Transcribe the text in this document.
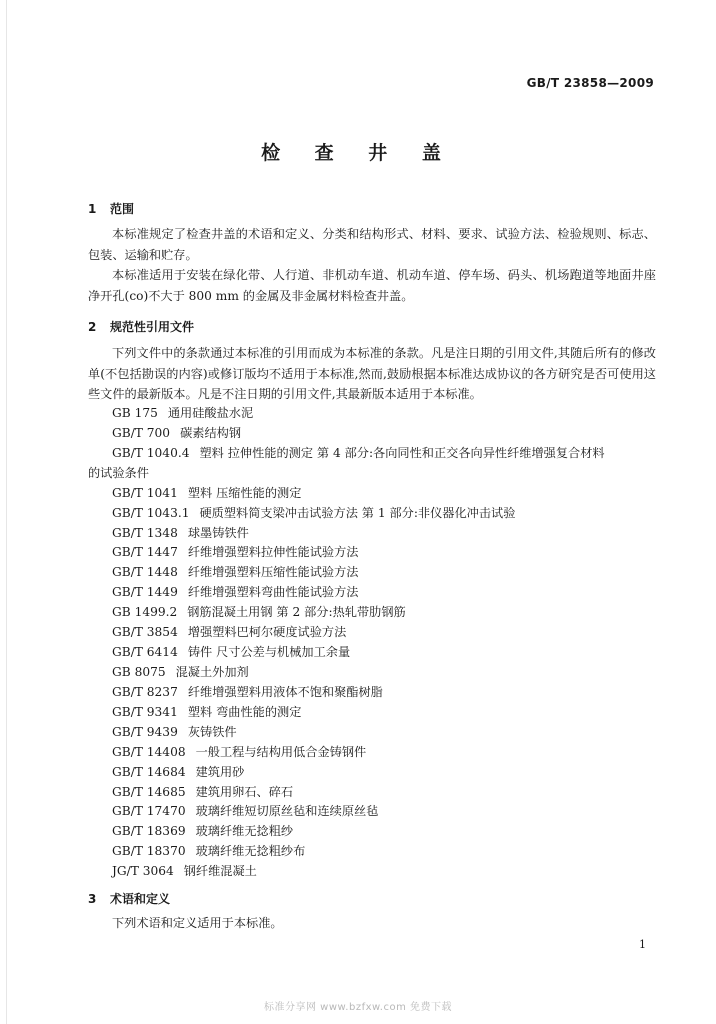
GB/T 23858—2009
检 查 井 盖
1 范围
本标准规定了检查井盖的术语和定义、分类和结构形式、材料、要求、试验方法、检验规则、标志、包装、运输和贮存。
本标准适用于安装在绿化带、人行道、非机动车道、机动车道、停车场、码头、机场跑道等地面井座净开孔(co)不大于 800 mm 的金属及非金属材料检查井盖。
2 规范性引用文件
下列文件中的条款通过本标准的引用而成为本标准的条款。凡是注日期的引用文件,其随后所有的修改单(不包括勘误的内容)或修订版均不适用于本标准,然而,鼓励根据本标准达成协议的各方研究是否可使用这些文件的最新版本。凡是不注日期的引用文件,其最新版本适用于本标准。
GB 175 通用硅酸盐水泥
GB/T 700 碳素结构钢
GB/T 1040.4 塑料 拉伸性能的测定 第 4 部分:各向同性和正交各向异性纤维增强复合材料
的试验条件
GB/T 1041 塑料 压缩性能的测定
GB/T 1043.1 硬质塑料简支梁冲击试验方法 第 1 部分:非仪器化冲击试验
GB/T 1348 球墨铸铁件
GB/T 1447 纤维增强塑料拉伸性能试验方法
GB/T 1448 纤维增强塑料压缩性能试验方法
GB/T 1449 纤维增强塑料弯曲性能试验方法
GB 1499.2 钢筋混凝土用钢 第 2 部分:热轧带肋钢筋
GB/T 3854 增强塑料巴柯尔硬度试验方法
GB/T 6414 铸件 尺寸公差与机械加工余量
GB 8075 混凝土外加剂
GB/T 8237 纤维增强塑料用液体不饱和聚酯树脂
GB/T 9341 塑料 弯曲性能的测定
GB/T 9439 灰铸铁件
GB/T 14408 一般工程与结构用低合金铸钢件
GB/T 14684 建筑用砂
GB/T 14685 建筑用卵石、碎石
GB/T 17470 玻璃纤维短切原丝毡和连续原丝毡
GB/T 18369 玻璃纤维无捻粗纱
GB/T 18370 玻璃纤维无捻粗纱布
JG/T 3064 钢纤维混凝土
3 术语和定义
下列术语和定义适用于本标准。
1
标准分享网 www.bzfxw.com 免费下载
